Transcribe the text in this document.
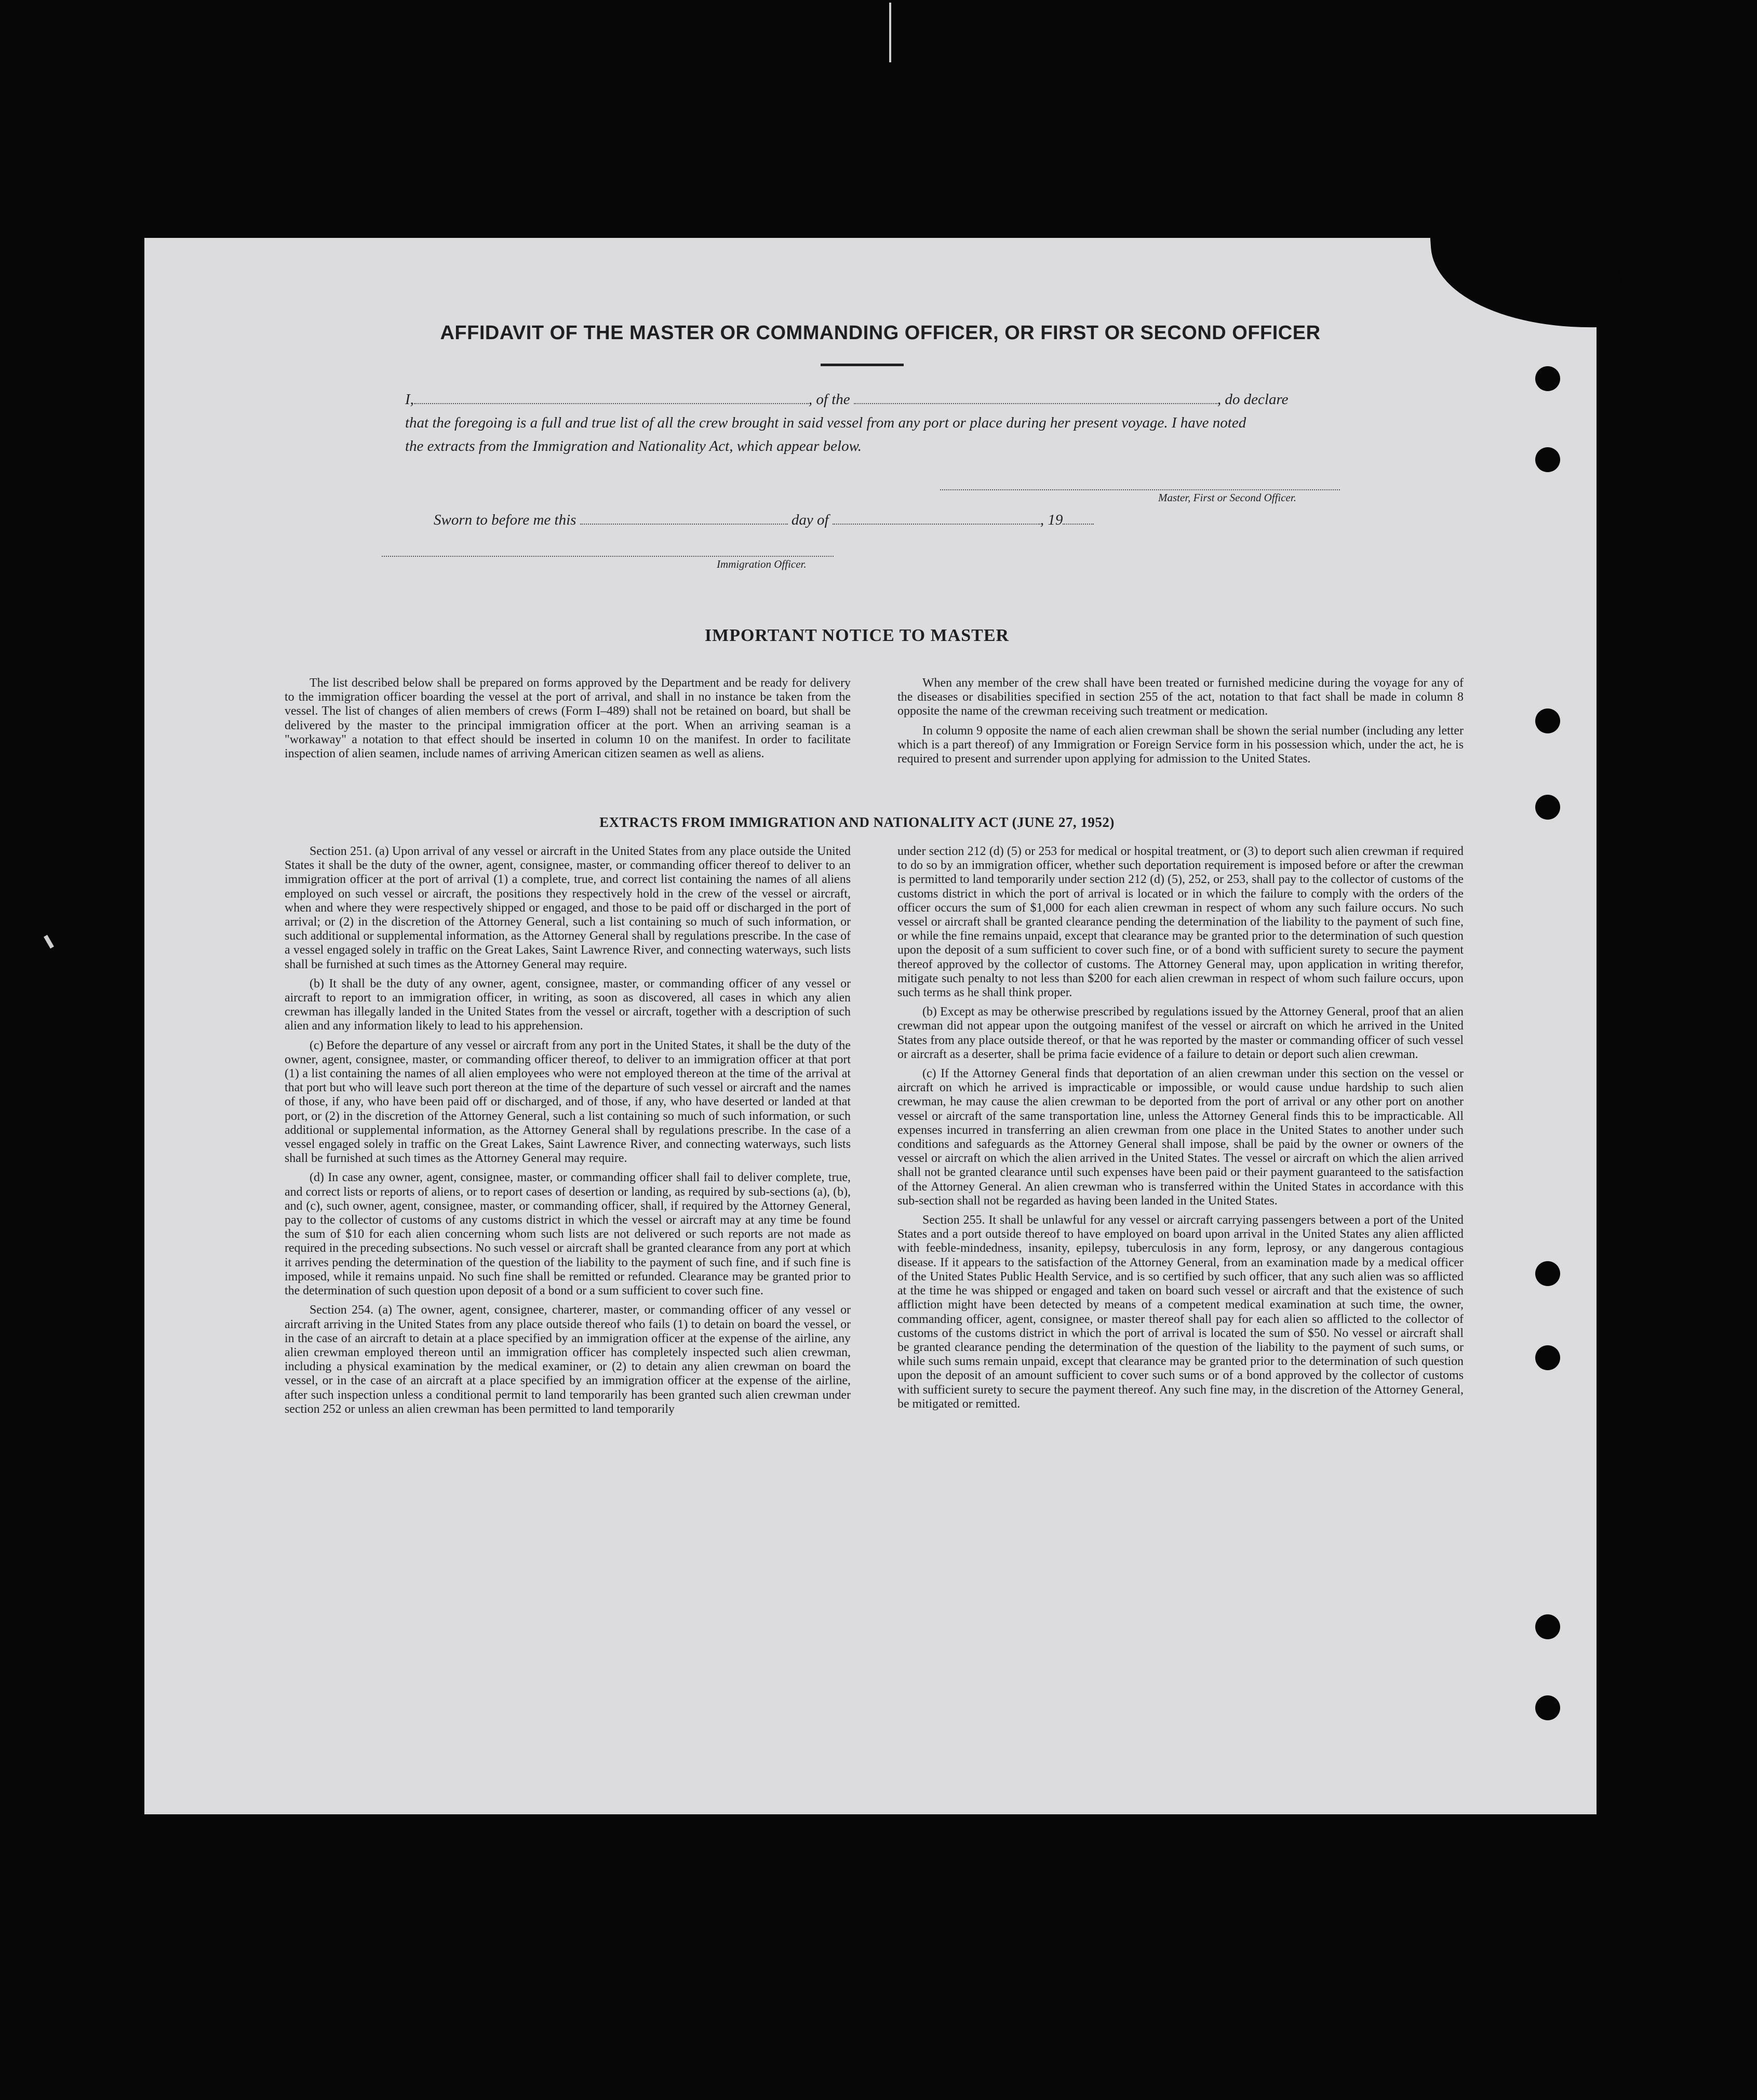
AFFIDAVIT OF THE MASTER OR COMMANDING OFFICER, OR FIRST OR SECOND OFFICER
I,	, of the	, do declare
that the foregoing is a full and true list of all the crew brought in said vessel from any port or place during her present voyage. I have noted
the extracts from the Immigration and Nationality Act, which appear below.
Master, First or Second Officer.
Sworn to before me this	day of	, 19
Immigration Officer.
IMPORTANT NOTICE TO MASTER

The list described below shall be prepared on forms approved by the Department and be ready for delivery to the immigration officer boarding the vessel at the port of arrival, and shall in no instance be taken from the vessel. The list of changes of alien members of crews (Form I–489) shall not be retained on board, but shall be delivered by the master to the principal immigration officer at the port. When an arriving seaman is a "workaway" a notation to that effect should be inserted in column 10 on the manifest. In order to facilitate inspection of alien seamen, include names of arriving American citizen seamen as well as aliens.

When any member of the crew shall have been treated or furnished medicine during the voyage for any of the diseases or disabilities specified in section 255 of the act, notation to that fact shall be made in column 8 opposite the name of the crewman receiving such treatment or medication.

In column 9 opposite the name of each alien crewman shall be shown the serial number (including any letter which is a part thereof) of any Immigration or Foreign Service form in his possession which, under the act, he is required to present and surrender upon applying for admission to the United States.

EXTRACTS FROM IMMIGRATION AND NATIONALITY ACT (JUNE 27, 1952)

Section 251. (a) Upon arrival of any vessel or aircraft in the United States from any place outside the United States it shall be the duty of the owner, agent, consignee, master, or commanding officer thereof to deliver to an immigration officer at the port of arrival (1) a complete, true, and correct list containing the names of all aliens employed on such vessel or aircraft, the positions they respectively hold in the crew of the vessel or aircraft, when and where they were respectively shipped or engaged, and those to be paid off or discharged in the port of arrival; or (2) in the discretion of the Attorney General, such a list containing so much of such information, or such additional or supplemental information, as the Attorney General shall by regulations prescribe. In the case of a vessel engaged solely in traffic on the Great Lakes, Saint Lawrence River, and connecting waterways, such lists shall be furnished at such times as the Attorney General may require.

(b) It shall be the duty of any owner, agent, consignee, master, or commanding officer of any vessel or aircraft to report to an immigration officer, in writing, as soon as discovered, all cases in which any alien crewman has illegally landed in the United States from the vessel or aircraft, together with a description of such alien and any information likely to lead to his apprehension.

(c) Before the departure of any vessel or aircraft from any port in the United States, it shall be the duty of the owner, agent, consignee, master, or commanding officer thereof, to deliver to an immigration officer at that port (1) a list containing the names of all alien employees who were not employed thereon at the time of the arrival at that port but who will leave such port thereon at the time of the departure of such vessel or aircraft and the names of those, if any, who have been paid off or discharged, and of those, if any, who have deserted or landed at that port, or (2) in the discretion of the Attorney General, such a list containing so much of such information, or such additional or supplemental information, as the Attorney General shall by regulations prescribe. In the case of a vessel engaged solely in traffic on the Great Lakes, Saint Lawrence River, and connecting waterways, such lists shall be furnished at such times as the Attorney General may require.

(d) In case any owner, agent, consignee, master, or commanding officer shall fail to deliver complete, true, and correct lists or reports of aliens, or to report cases of desertion or landing, as required by sub-sections (a), (b), and (c), such owner, agent, consignee, master, or commanding officer, shall, if required by the Attorney General, pay to the collector of customs of any customs district in which the vessel or aircraft may at any time be found the sum of $10 for each alien concerning whom such lists are not delivered or such reports are not made as required in the preceding subsections. No such vessel or aircraft shall be granted clearance from any port at which it arrives pending the determination of the question of the liability to the payment of such fine, and if such fine is imposed, while it remains unpaid. No such fine shall be remitted or refunded. Clearance may be granted prior to the determination of such question upon deposit of a bond or a sum sufficient to cover such fine.

Section 254. (a) The owner, agent, consignee, charterer, master, or commanding officer of any vessel or aircraft arriving in the United States from any place outside thereof who fails (1) to detain on board the vessel, or in the case of an aircraft to detain at a place specified by an immigration officer at the expense of the airline, any alien crewman employed thereon until an immigration officer has completely inspected such alien crewman, including a physical examination by the medical examiner, or (2) to detain any alien crewman on board the vessel, or in the case of an aircraft at a place specified by an immigration officer at the expense of the airline, after such inspection unless a conditional permit to land temporarily has been granted such alien crewman under section 252 or unless an alien crewman has been permitted to land temporarily

under section 212 (d) (5) or 253 for medical or hospital treatment, or (3) to deport such alien crewman if required to do so by an immigration officer, whether such deportation requirement is imposed before or after the crewman is permitted to land temporarily under section 212 (d) (5), 252, or 253, shall pay to the collector of customs of the customs district in which the port of arrival is located or in which the failure to comply with the orders of the officer occurs the sum of $1,000 for each alien crewman in respect of whom any such failure occurs. No such vessel or aircraft shall be granted clearance pending the determination of the liability to the payment of such fine, or while the fine remains unpaid, except that clearance may be granted prior to the determination of such question upon the deposit of a sum sufficient to cover such fine, or of a bond with sufficient surety to secure the payment thereof approved by the collector of customs. The Attorney General may, upon application in writing therefor, mitigate such penalty to not less than $200 for each alien crewman in respect of whom such failure occurs, upon such terms as he shall think proper.

(b) Except as may be otherwise prescribed by regulations issued by the Attorney General, proof that an alien crewman did not appear upon the outgoing manifest of the vessel or aircraft on which he arrived in the United States from any place outside thereof, or that he was reported by the master or commanding officer of such vessel or aircraft as a deserter, shall be prima facie evidence of a failure to detain or deport such alien crewman.

(c) If the Attorney General finds that deportation of an alien crewman under this section on the vessel or aircraft on which he arrived is impracticable or impossible, or would cause undue hardship to such alien crewman, he may cause the alien crewman to be deported from the port of arrival or any other port on another vessel or aircraft of the same transportation line, unless the Attorney General finds this to be impracticable. All expenses incurred in transferring an alien crewman from one place in the United States to another under such conditions and safeguards as the Attorney General shall impose, shall be paid by the owner or owners of the vessel or aircraft on which the alien arrived in the United States. The vessel or aircraft on which the alien arrived shall not be granted clearance until such expenses have been paid or their payment guaranteed to the satisfaction of the Attorney General. An alien crewman who is transferred within the United States in accordance with this sub-section shall not be regarded as having been landed in the United States.

Section 255. It shall be unlawful for any vessel or aircraft carrying passengers between a port of the United States and a port outside thereof to have employed on board upon arrival in the United States any alien afflicted with feeble-mindedness, insanity, epilepsy, tuberculosis in any form, leprosy, or any dangerous contagious disease. If it appears to the satisfaction of the Attorney General, from an examination made by a medical officer of the United States Public Health Service, and is so certified by such officer, that any such alien was so afflicted at the time he was shipped or engaged and taken on board such vessel or aircraft and that the existence of such affliction might have been detected by means of a competent medical examination at such time, the owner, commanding officer, agent, consignee, or master thereof shall pay for each alien so afflicted to the collector of customs of the customs district in which the port of arrival is located the sum of $50. No vessel or aircraft shall be granted clearance pending the determination of the question of the liability to the payment of such sums, or while such sums remain unpaid, except that clearance may be granted prior to the determination of such question upon the deposit of an amount sufficient to cover such sums or of a bond approved by the collector of customs with sufficient surety to secure the payment thereof. Any such fine may, in the discretion of the Attorney General, be mitigated or remitted.
